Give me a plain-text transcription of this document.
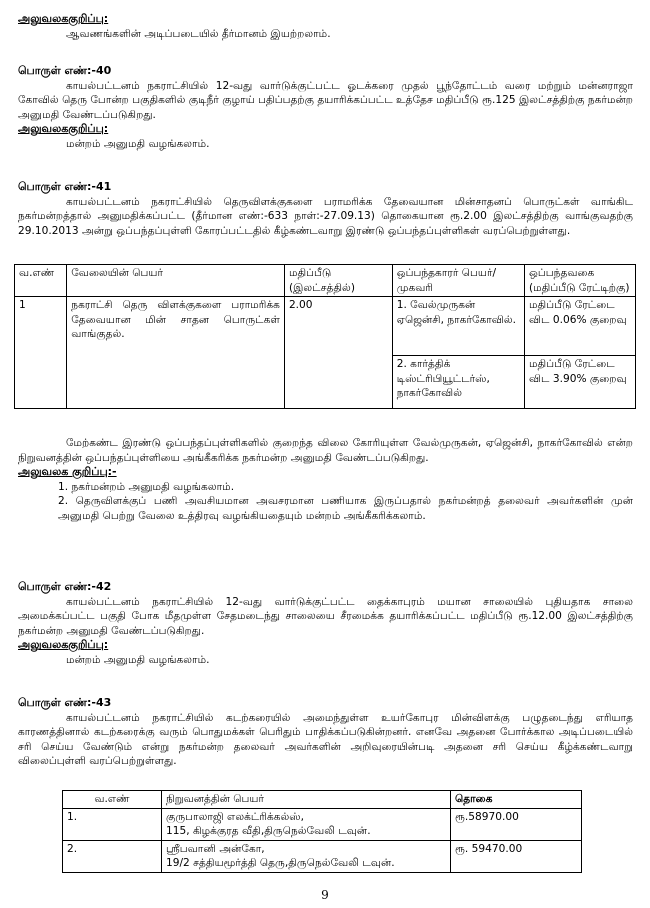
அலுவலககுறிப்பு:

ஆவணங்களின் அடிப்படையில் தீர்மானம் இயற்றலாம்.

பொருள் எண்:-40

காயல்பட்டனம் நகராட்சியில் 12-வது வார்டுக்குட்பட்ட ஓடக்கரை முதல் பூந்தோட்டம் வரை மற்றும் மன்னராஜா கோவில் தெரு போன்ற பகுதிகளில் குடிநீர் குழாய் பதிப்பதற்கு தயாரிக்கப்பட்ட உத்தேச மதிப்பீடு ரூ.125 இலட்சத்திற்கு நகர்மன்ற அனுமதி வேண்டப்படுகிறது.

அலுவலககுறிப்பு:

மன்றம் அனுமதி வழங்கலாம்.

பொருள் எண்:-41

காயல்பட்டனம் நகராட்சியில் தெருவிளக்குகளை பராமரிக்க தேவையான மின்சாதனப் பொருட்கள் வாங்கிட நகர்மன்றத்தால் அனுமதிக்கப்பட்ட (தீர்மான எண்:-633 நாள்:-27.09.13) தொகையான ரூ.2.00 இலட்சத்திற்கு வாங்குவதற்கு 29.10.2013 அன்று ஒப்பந்தப்புள்ளி கோரப்பட்டதில் கீழ்கண்டவாறு இரண்டு ஒப்பந்தப்புள்ளிகள் வரப்பெற்றுள்ளது.

வ.எண்	வேலையின் பெயர்	மதிப்பீடு (இலட்சத்தில்)	ஒப்பந்தகாரர் பெயர்/முகவரி	ஒப்பந்தவகை (மதிப்பீடு ரேட்டிற்கு)
1	நகராட்சி தெரு விளக்குகளை பராமரிக்க தேவையான மின் சாதன பொருட்கள் வாங்குதல்.	2.00	1. வேல்முருகன் ஏஜென்சி, நாகர்கோவில்.	மதிப்பீடு ரேட்டை விட 0.06% குறைவு
			2. கார்த்திக் டிஸ்ட்ரிபியூட்டர்ஸ், நாகர்கோவில்	மதிப்பீடு ரேட்டை விட 3.90% குறைவு

மேற்கண்ட இரண்டு ஒப்பந்தப்புள்ளிகளில் குறைந்த விலை கோரியுள்ள வேல்முருகன், ஏஜென்சி, நாகர்கோவில் என்ற நிறுவனத்தின் ஒப்பந்தப்புள்ளியை அங்கீகரிக்க நகர்மன்ற அனுமதி வேண்டப்படுகிறது.

அலுவலக குறிப்பு:-

1. நகர்மன்றம் அனுமதி வழங்கலாம்.

2. தெருவிளக்குப் பணி அவசியமான அவசரமான பணியாக இருப்பதால் நகர்மன்றத் தலைவர் அவர்களின் முன் அனுமதி பெற்று வேலை உத்திரவு வழங்கியதையும் மன்றம் அங்கீகரிக்கலாம்.

பொருள் எண்:-42

காயல்பட்டனம் நகராட்சியில் 12-வது வார்டுக்குட்பட்ட தைக்காபுரம் மயான சாலையில் புதியதாக சாலை அமைக்கப்பட்ட பகுதி போக மீதமுள்ள சேதமடைந்து சாலையை சீரமைக்க தயாரிக்கப்பட்ட மதிப்பீடு ரூ.12.00 இலட்சத்திற்கு நகர்மன்ற அனுமதி வேண்டப்படுகிறது.

அலுவலககுறிப்பு:

மன்றம் அனுமதி வழங்கலாம்.

பொருள் எண்:-43

காயல்பட்டனம் நகராட்சியில் கடற்கரையில் அமைந்துள்ள உயர்கோபுர மின்விளக்கு பழுதடைந்து எரியாத காரணத்தினால் கடற்கரைக்கு வரும் பொதுமக்கள் பெரிதும் பாதிக்கப்படுகின்றனர். எனவே அதனை போர்க்கால அடிப்படையில் சரி செய்ய வேண்டும் என்று நகர்மன்ற தலைவர் அவர்களின் அறிவுரையின்படி அதனை சரி செய்ய கீழ்க்கண்டவாறு விலைப்புள்ளி வரப்பெற்றுள்ளது.

வ.எண்	நிறுவனத்தின் பெயர்	தொகை
1.	குருபாலாஜி எலக்ட்ரிக்கல்ஸ்,
115, கிழக்குரத வீதி,திருநெல்வேலி டவுன்.	ரூ.58970.00
2.	ஸ்ரீபவானி அன்கோ,
19/2 சத்தியமூர்த்தி தெரு,திருநெல்வேலி டவுன்.	ரூ. 59470.00
9
